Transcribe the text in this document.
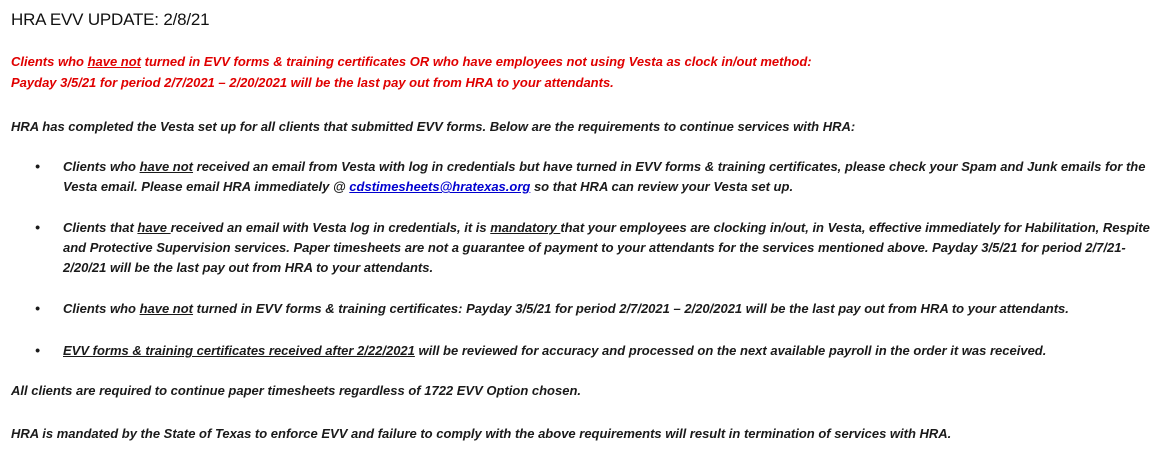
HRA EVV UPDATE: 2/8/21
Clients who have not turned in EVV forms & training certificates OR who have employees not using Vesta as clock in/out method:
Payday 3/5/21 for period 2/7/2021 – 2/20/2021 will be the last pay out from HRA to your attendants.
HRA has completed the Vesta set up for all clients that submitted EVV forms. Below are the requirements to continue services with HRA:
• Clients who have not received an email from Vesta with log in credentials but have turned in EVV forms & training certificates, please check your Spam and Junk emails for the
Vesta email. Please email HRA immediately @ cdstimesheets@hratexas.org so that HRA can review your Vesta set up.
• Clients that have received an email with Vesta log in credentials, it is mandatory that your employees are clocking in/out, in Vesta, effective immediately for Habilitation, Respite
and Protective Supervision services. Paper timesheets are not a guarantee of payment to your attendants for the services mentioned above. Payday 3/5/21 for period 2/7/21-
2/20/21 will be the last pay out from HRA to your attendants.
• Clients who have not turned in EVV forms & training certificates: Payday 3/5/21 for period 2/7/2021 – 2/20/2021 will be the last pay out from HRA to your attendants.
• EVV forms & training certificates received after 2/22/2021 will be reviewed for accuracy and processed on the next available payroll in the order it was received.
All clients are required to continue paper timesheets regardless of 1722 EVV Option chosen.
HRA is mandated by the State of Texas to enforce EVV and failure to comply with the above requirements will result in termination of services with HRA.
